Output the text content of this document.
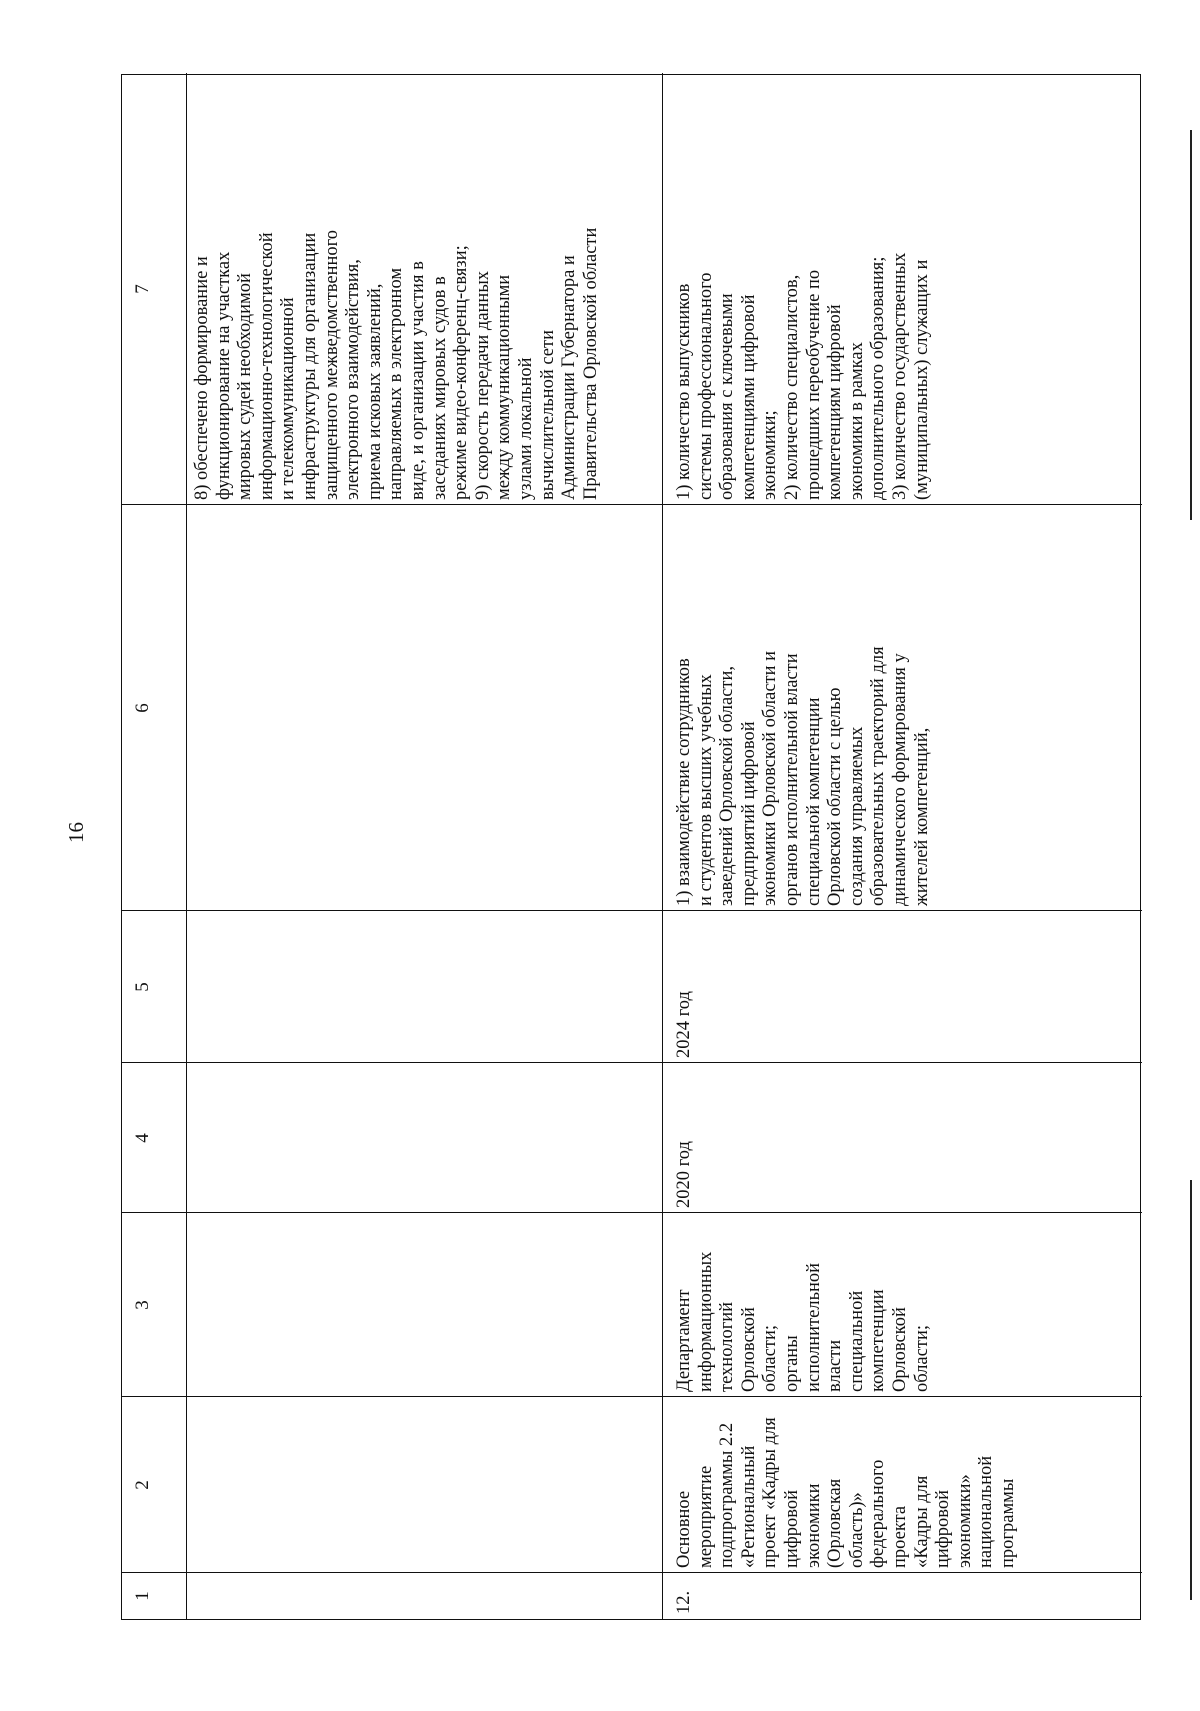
16
1
2
3
4
5
6
7
8) обеспечено формирование и
функционирование на участках
мировых судей необходимой
информационно-технологической
и телекоммуникационной
инфраструктуры для организации
защищенного межведомственного
электронного взаимодействия,
приема исковых заявлений,
направляемых в электронном
виде, и организации участия в
заседаниях мировых судов в
режиме видео-конференц-связи;
9) скорость передачи данных
между коммуникационными
узлами локальной
вычислительной сети
Администрации Губернатора и
Правительства Орловской области
12.
Основное
мероприятие
подпрограммы 2.2
«Региональный
проект «Кадры для
цифровой экономики
(Орловская область)»
федерального проекта
«Кадры для цифровой
экономики»
национальной
программы
Департамент
информационных
технологий
Орловской
области;
органы
исполнительной
власти
специальной
компетенции
Орловской
области;
2020 год
2024 год
1) взаимодействие сотрудников
и студентов высших учебных
заведений Орловской области,
предприятий цифровой
экономики Орловской области и
органов исполнительной власти
специальной компетенции
Орловской области с целью
создания управляемых
образовательных траекторий для
динамического формирования у
жителей компетенций,
1) количество выпускников
системы профессионального
образования с ключевыми
компетенциями цифровой
экономики;
2) количество специалистов,
прошедших переобучение по
компетенциям цифровой
экономики в рамках
дополнительного образования;
3) количество государственных
(муниципальных) служащих и
